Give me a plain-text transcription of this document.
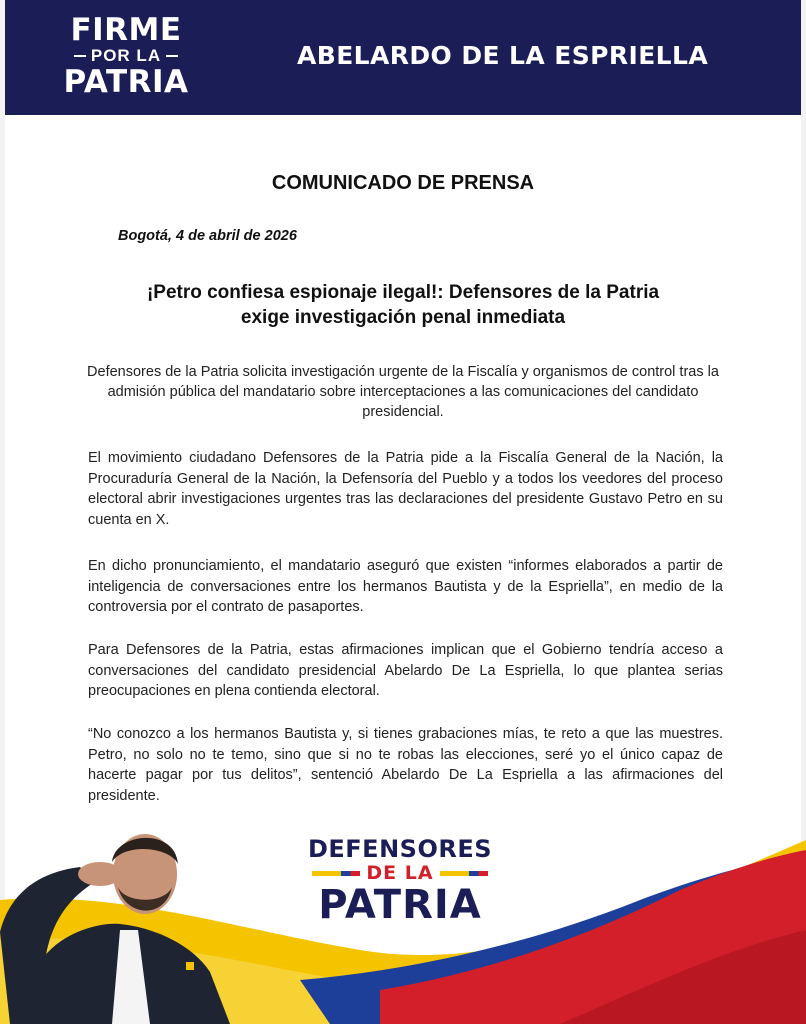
FIRME
POR LA
PATRIA
ABELARDO DE LA ESPRIELLA
COMUNICADO DE PRENSA
Bogotá, 4 de abril de 2026
¡Petro confiesa espionaje ilegal!: Defensores de la Patria
exige investigación penal inmediata

Defensores de la Patria solicita investigación urgente de la Fiscalía y organismos de control tras la admisión pública del mandatario sobre interceptaciones a las comunicaciones del candidato presidencial.

El movimiento ciudadano Defensores de la Patria pide a la Fiscalía General de la Nación, la Procuraduría General de la Nación, la Defensoría del Pueblo y a todos los veedores del proceso electoral abrir investigaciones urgentes tras las declaraciones del presidente Gustavo Petro en su cuenta en X.

En dicho pronunciamiento, el mandatario aseguró que existen “informes elaborados a partir de inteligencia de conversaciones entre los hermanos Bautista y de la Espriella”, en medio de la controversia por el contrato de pasaportes.

Para Defensores de la Patria, estas afirmaciones implican que el Gobierno tendría acceso a conversaciones del candidato presidencial Abelardo De La Espriella, lo que plantea serias preocupaciones en plena contienda electoral.

“No conozco a los hermanos Bautista y, si tienes grabaciones mías, te reto a que las muestres. Petro, no solo no te temo, sino que si no te robas las elecciones, seré yo el único capaz de hacerte pagar por tus delitos”, sentenció Abelardo De La Espriella a las afirmaciones del presidente.

DEFENSORES
DE LA
PATRIA
